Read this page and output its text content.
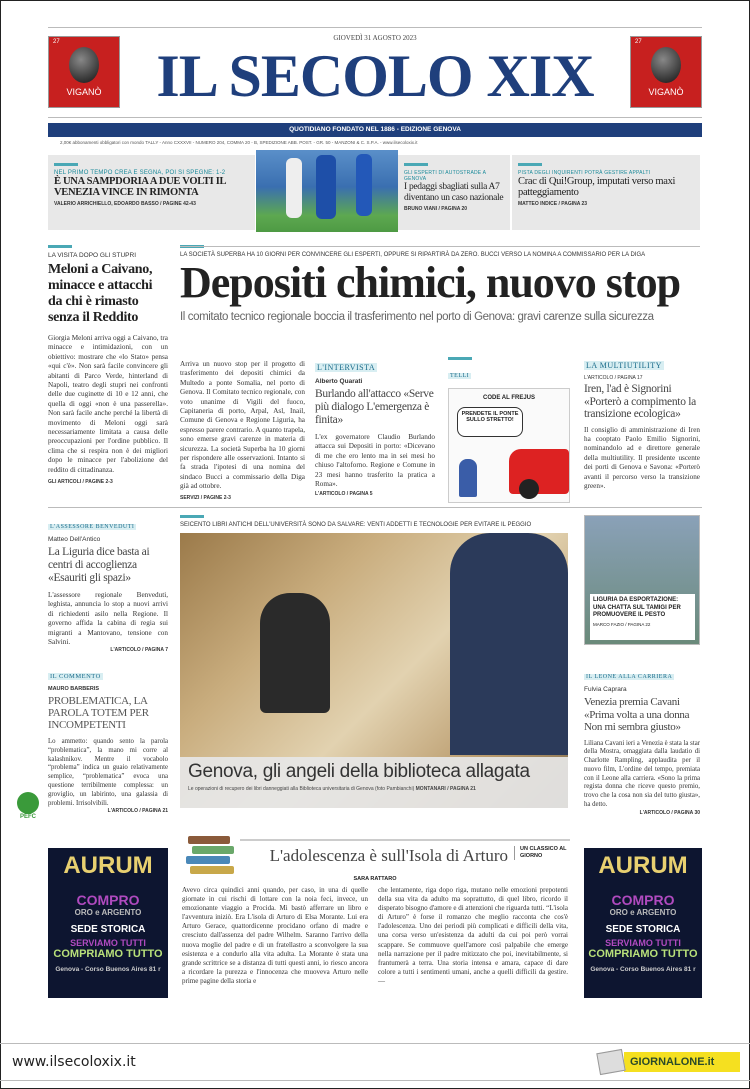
27
VIGANÒ
27
VIGANÒ
GIOVEDÌ 31 AGOSTO 2023
IL SECOLO XIX
QUOTIDIANO FONDATO NEL 1886 - EDIZIONE GENOVA
2,00€ abbonamenti obbligatori con mondo TALLY - Anno CXXXVII - NUMERO 204, COMMA 20 - B, SPEDIZIONE ABB. POST. - GR. 50 - MANZONI & C. S.P.A. - www.ilsecoloxix.it
NEL PRIMO TEMPO CREA E SEGNA, POI SI SPEGNE: 1-2
È UNA SAMPDORIA A DUE VOLTI IL VENEZIA VINCE IN RIMONTA
VALERIO ARRICHIELLO, EDOARDO BASSO / PAGINE 42-43
GLI ESPERTI DI AUTOSTRADE A GENOVA
I pedaggi sbagliati sulla A7 diventano un caso nazionale
BRUNO VIANI / PAGINA 20
PISTA DEGLI INQUIRENTI POTRÀ GESTIRE APPALTI
Crac di Qui!Group, imputati verso maxi patteggiamento
MATTEO INDICE / PAGINA 23
LA VISITA DOPO GLI STUPRI
Meloni a Caivano, minacce e attacchi da chi è rimasto senza il Reddito
Giorgia Meloni arriva oggi a Caivano, tra minacce e intimidazioni, con un obiettivo: mostrare che «lo Stato» pensa «qui c'è». Non sarà facile convincere gli abitanti di Parco Verde, hinterland di Napoli, teatro degli stupri nei confronti delle due cuginette di 10 e 12 anni, che quella di oggi «non è una passerella». Non sarà facile anche perché la libertà di movimento di Meloni oggi sarà necessariamente limitata a causa delle preoccupazioni per l'ordine pubblico. Il clima che si respira non è dei migliori dopo le minacce per l'abolizione del reddito di cittadinanza.
GLI ARTICOLI / PAGINE 2-3
LA SOCIETÀ SUPERBA HA 10 GIORNI PER CONVINCERE GLI ESPERTI, OPPURE SI RIPARTIRÀ DA ZERO. BUCCI VERSO LA NOMINA A COMMISSARIO PER LA DIGA
Depositi chimici, nuovo stop
Il comitato tecnico regionale boccia il trasferimento nel porto di Genova: gravi carenze sulla sicurezza
Arriva un nuovo stop per il progetto di trasferimento dei depositi chimici da Multedo a ponte Somalia, nel porto di Genova. Il Comitato tecnico regionale, con voto unanime di Vigili del fuoco, Capitaneria di porto, Arpal, Asl, Inail, Comune di Genova e Regione Liguria, ha espresso parere contrario. A quanto trapela, sono emerse gravi carenze in materia di sicurezza. La società Superba ha 10 giorni per rispondere alle osservazioni. Intanto si fa strada l'ipotesi di una nomina del sindaco Bucci a commissario della Diga già ad ottobre.
SERVIZI / PAGINE 2-3
L'INTERVISTA
Alberto Quarati
Burlando all'attacco «Serve più dialogo L'emergenza è finita»
L'ex governatore Claudio Burlando attacca sui Depositi in porto: «Dicevano di me che ero lento ma in sei mesi ho chiuso l'altoforno. Regione e Comune in 23 mesi hanno trasferito la pratica a Roma».
L'ARTICOLO / PAGINA 5
TELLI
CODE AL FREJUS
PRENDETE IL PONTE SULLO STRETTO!
LA MULTIUTILITY
L'ARTICOLO / PAGINA 17
Iren, l'ad è Signorini «Porterò a compimento la transizione ecologica»
Il consiglio di amministrazione di Iren ha cooptato Paolo Emilio Signorini, nominandolo ad e direttore generale della multiutility. Il presidente uscente dei porti di Genova e Savona: «Porterò avanti il percorso verso la transizione green».
L'ASSESSORE BENVEDUTI
Matteo Dell'Antico
La Liguria dice basta ai centri di accoglienza «Esauriti gli spazi»
L'assessore regionale Benveduti, leghista, annuncia lo stop a nuovi arrivi di richiedenti asilo nella Regione. Il governo affida la cabina di regia sui migranti a Mantovano, tensione con Salvini.
L'ARTICOLO / PAGINA 7
SEICENTO LIBRI ANTICHI DELL'UNIVERSITÀ SONO DA SALVARE: VENTI ADDETTI E TECNOLOGIE PER EVITARE IL PEGGIO
Genova, gli angeli della biblioteca allagata
Le operazioni di recupero dei libri danneggiati alla Biblioteca universitaria di Genova (foto Pambianchi) MONTANARI / PAGINA 21
LIGURIA DA ESPORTAZIONE: UNA CHATTA SUL TAMIGI PER PROMUOVERE IL PESTO
MARCO FAZIO / PAGINA 22
IL COMMENTO
MAURO BARBERIS
PROBLEMATICA, LA PAROLA TOTEM PER INCOMPETENTI
Lo ammetto: quando sento la parola “problematica”, la mano mi corre al kalashnikov. Mentre il vocabolo “problema” indica un guaio relativamente semplice, “problematica” evoca una questione terribilmente complessa: un groviglio, un labirinto, una galassia di problemi. Irrisolvibili.
L'ARTICOLO / PAGINA 21
PEFC
IL LEONE ALLA CARRIERA
Fulvia Caprara
Venezia premia Cavani «Prima volta a una donna Non mi sembra giusto»
Liliana Cavani ieri a Venezia è stata la star della Mostra, omaggiata dalla laudatio di Charlotte Rampling, applaudita per il nuovo film, L'ordine del tempo, premiata con il Leone alla carriera. «Sono la prima regista donna che riceve questo premio, trovo che la cosa non sia del tutto giusta», ha detto.
L'ARTICOLO / PAGINA 30
AURUM
COMPRO
ORO e ARGENTO
SEDE STORICA
SERVIAMO TUTTI
COMPRIAMO TUTTO
Genova - Corso Buenos Aires 81 r
AURUM
COMPRO
ORO e ARGENTO
SEDE STORICA
SERVIAMO TUTTI
COMPRIAMO TUTTO
Genova - Corso Buenos Aires 81 r
L'adolescenza è sull'Isola di Arturo	UN CLASSICO AL GIORNO
SARA RATTARO
Avevo circa quindici anni quando, per caso, in una di quelle giornate in cui rischi di lottare con la noia feci, invece, un emozionante viaggio a Procida. Mi bastò afferrare un libro e l'avventura iniziò. Era L'isola di Arturo di Elsa Morante. Lui era Arturo Gerace, quattordicenne procidano orfano di madre e cresciuto dall'assenza del padre Wilhelm. Saranno l'arrivo della nuova moglie del padre e di un fratellastro a sconvolgere la sua esistenza e a condurlo alla vita adulta. La Morante è stata una grande scrittrice se a distanza di tutti questi anni, io riesco ancora a ricordare la purezza e l'innocenza che muoveva Arturo nelle prime pagine della storia e
che lentamente, riga dopo riga, mutano nelle emozioni prepotenti della sua vita da adulto ma soprattutto, di quel libro, ricordo il disperato bisogno d'amore e di attenzioni che riguarda tutti. “L'isola di Arturo” è forse il romanzo che meglio racconta che cos'è l'adolescenza. Uno dei periodi più complicati e difficili della vita, una corsa verso un'esistenza da adulti da cui poi però vorrai scappare. Se commuove quell'amore così palpabile che emerge nella narrazione per il padre mitizzato che poi, inevitabilmente, si frantumerà a terra. Una storia intensa e amara, capace di dare colore a tutti i sentimenti umani, anche a quelli difficili da gestire. —
www.ilsecoloxix.it	GIORNALONE.it
